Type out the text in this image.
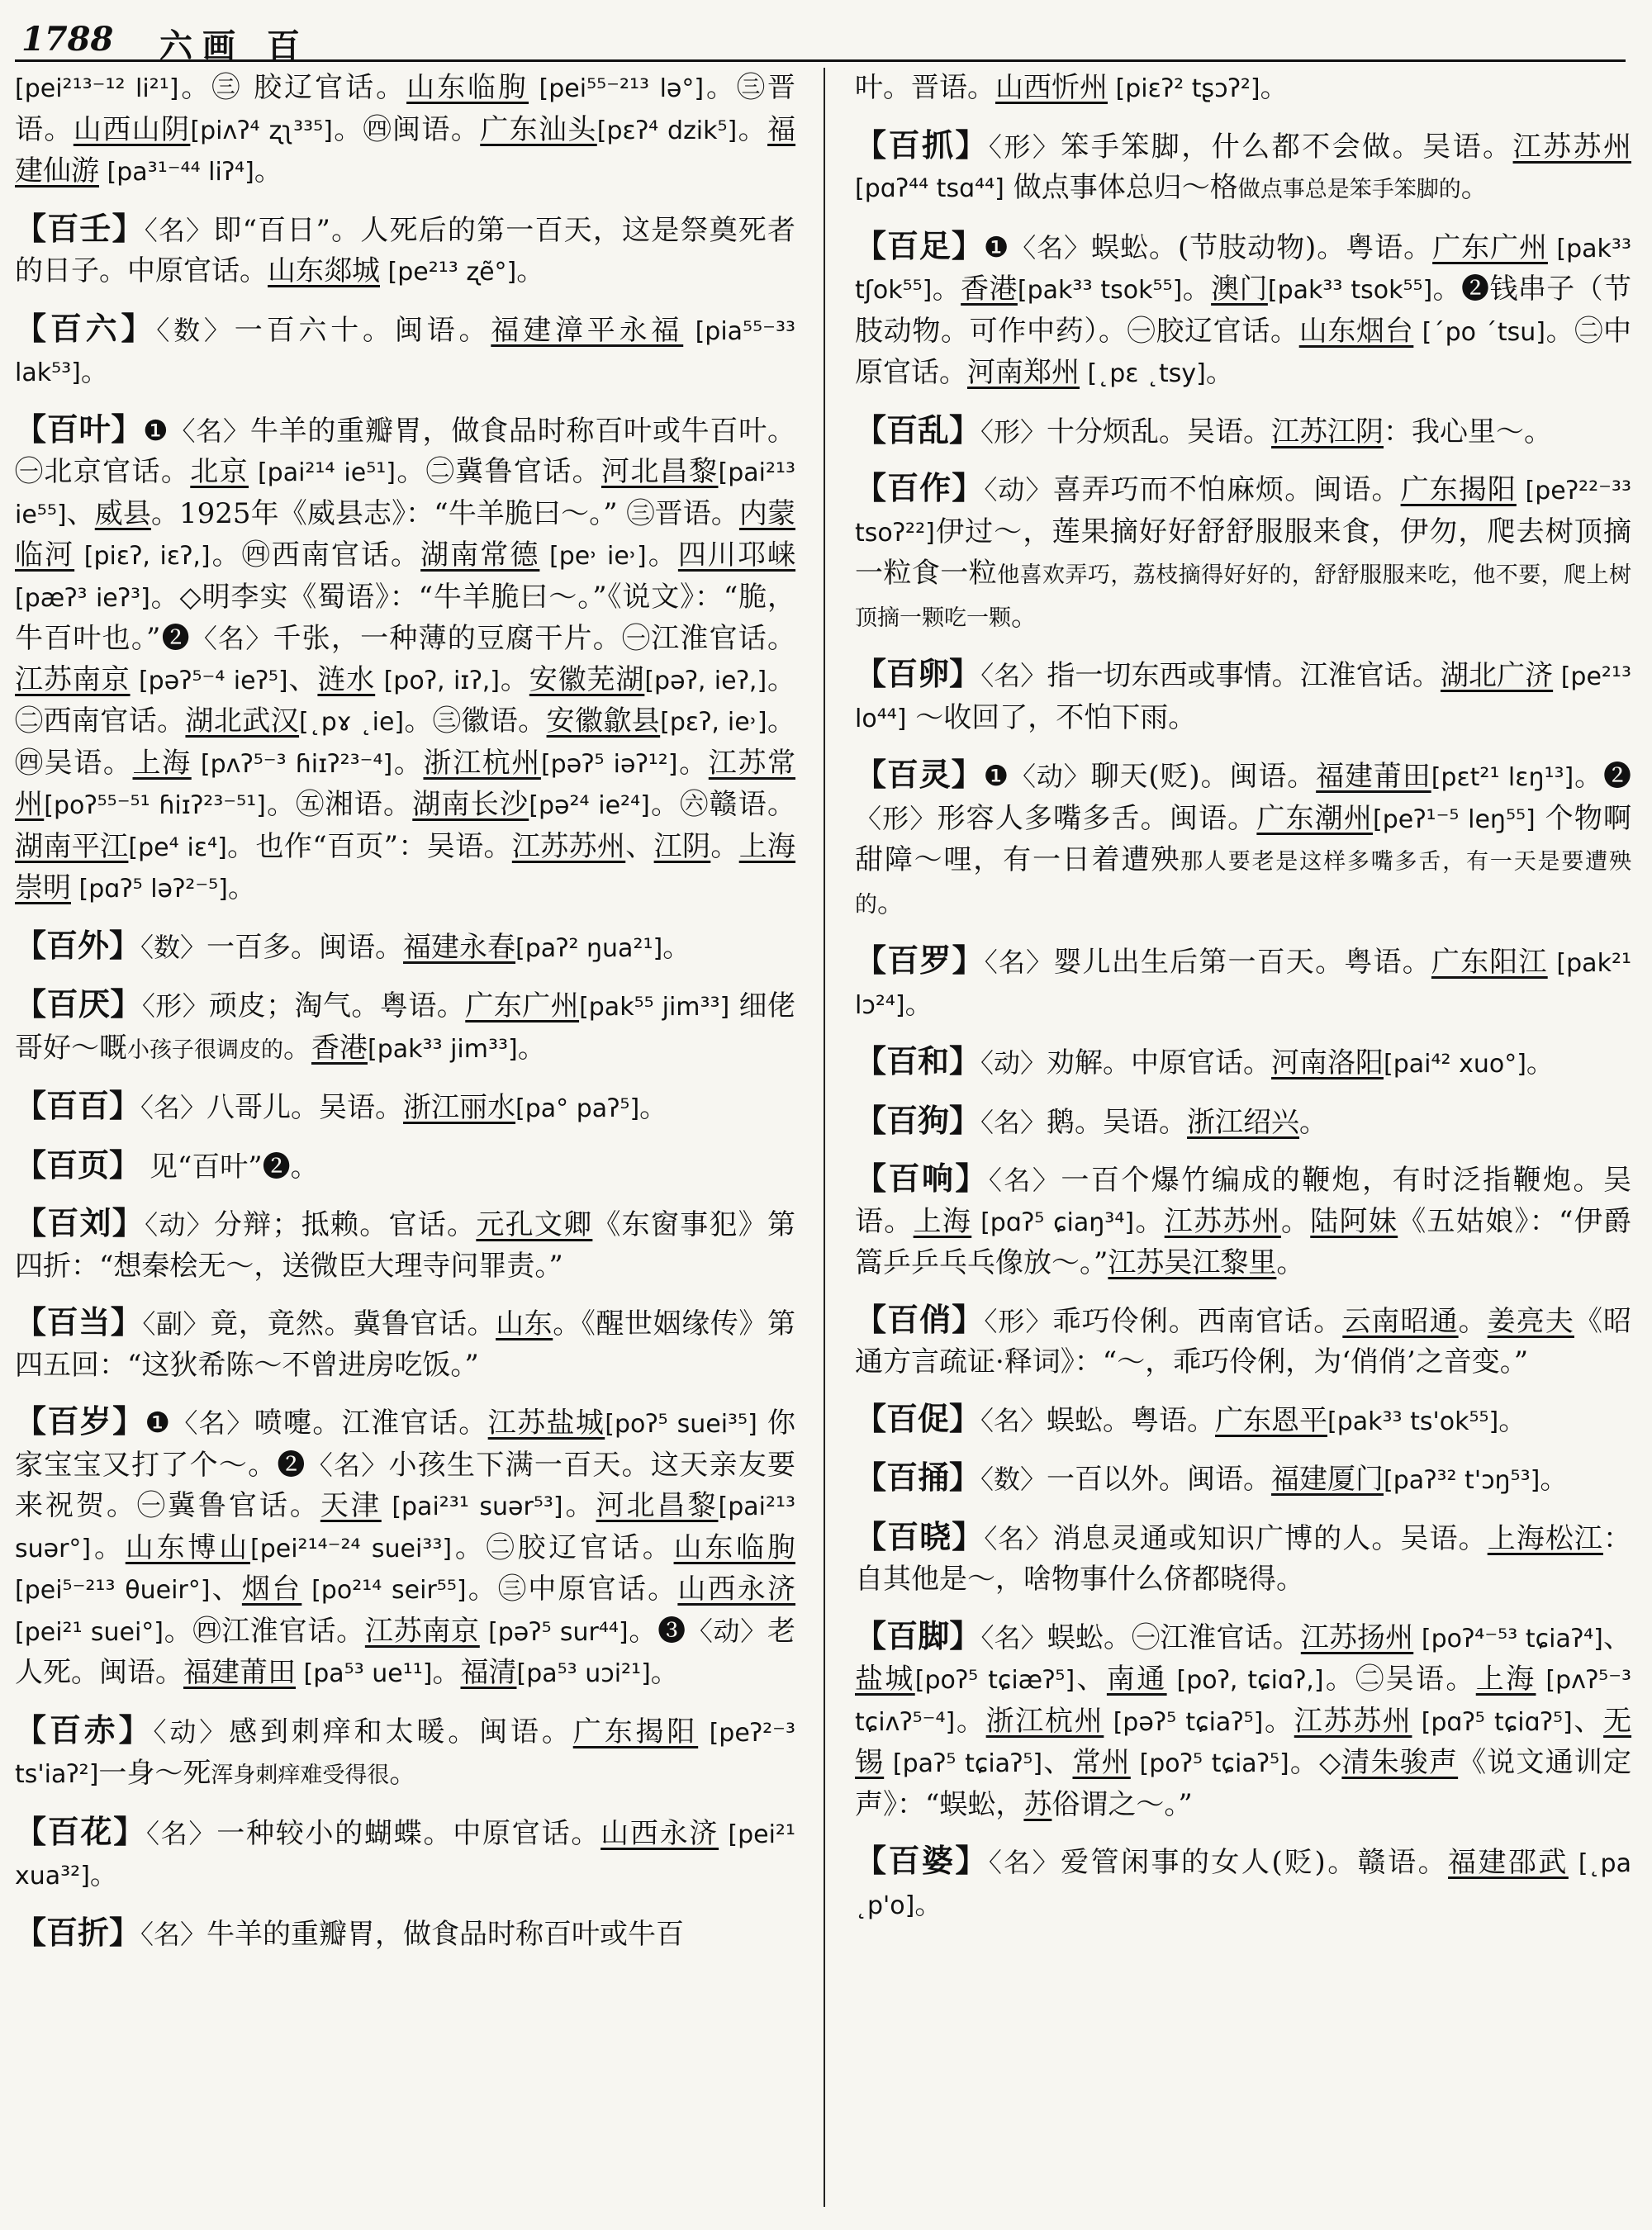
1788 六画 百
[pei²¹³⁻¹² li²¹]。㊂ 胶辽官话。山东临朐 [pei⁵⁵⁻²¹³ lə°]。㊂晋语。山西山阴[piʌʔ⁴ ʐʅ³³⁵]。㊃闽语。广东汕头[pɛʔ⁴ dzik⁵]。福建仙游 [pa³¹⁻⁴⁴ liʔ⁴]。
【百壬】〈名〉即“百日”。人死后的第一百天，这是祭奠死者的日子。中原官话。山东郯城 [pe²¹³ ʐẽ°]。
【百六】〈数〉一百六十。闽语。福建漳平永福 [pia⁵⁵⁻³³ lak⁵³]。
【百叶】❶〈名〉牛羊的重瓣胃，做食品时称百叶或牛百叶。㊀北京官话。北京 [pai²¹⁴ ie⁵¹]。㊁冀鲁官话。河北昌黎[pai²¹³ ie⁵⁵]、威县。1925年《威县志》：“牛羊脆曰～。” ㊂晋语。内蒙临河 [piɛʔ, iɛʔ,]。㊃西南官话。湖南常德 [pe˒ ie˒]。四川邛崃 [pæʔ³ ieʔ³]。◇明李实《蜀语》：“牛羊脆曰～。”《说文》：“脆，牛百叶也。”❷〈名〉千张，一种薄的豆腐干片。㊀江淮官话。江苏南京 [pəʔ⁵⁻⁴ ieʔ⁵]、涟水 [poʔ, iɪʔ,]。安徽芜湖[pəʔ, ieʔ,]。㊁西南官话。湖北武汉[˛pɤ ˛ie]。㊂徽语。安徽歙县[pɛʔ, ie˒]。㊃吴语。上海 [pʌʔ⁵⁻³ ɦiɪʔ²³⁻⁴]。浙江杭州[pəʔ⁵ iəʔ¹²]。江苏常州[poʔ⁵⁵⁻⁵¹ ɦiɪʔ²³⁻⁵¹]。㊄湘语。湖南长沙[pə²⁴ ie²⁴]。㊅赣语。湖南平江[pe⁴ iɛ⁴]。也作“百页”：吴语。江苏苏州、江阴。上海崇明 [pɑʔ⁵ ləʔ²⁻⁵]。
【百外】〈数〉一百多。闽语。福建永春[paʔ² ŋua²¹]。
【百厌】〈形〉顽皮；淘气。粤语。广东广州[pak⁵⁵ jim³³] 细佬哥好～嘅小孩子很调皮的。香港[pak³³ jim³³]。
【百百】〈名〉八哥儿。吴语。浙江丽水[pa° paʔ⁵]。
【百页】 见“百叶”❷。
【百刘】〈动〉分辩；抵赖。官话。元孔文卿《东窗事犯》第四折：“想秦桧无～，送微臣大理寺问罪责。”
【百当】〈副〉竟，竟然。冀鲁官话。山东。《醒世姻缘传》第四五回：“这狄希陈～不曾进房吃饭。”
【百岁】❶〈名〉喷嚏。江淮官话。江苏盐城[poʔ⁵ suei³⁵] 你家宝宝又打了个～。❷〈名〉小孩生下满一百天。这天亲友要来祝贺。㊀冀鲁官话。天津 [pai²³¹ suər⁵³]。河北昌黎[pai²¹³ suər°]。山东博山[pei²¹⁴⁻²⁴ suei³³]。㊁胶辽官话。山东临朐[pei⁵⁻²¹³ θueir°]、烟台 [po²¹⁴ seir⁵⁵]。㊂中原官话。山西永济 [pei²¹ suei°]。㊃江淮官话。江苏南京 [pəʔ⁵ sur⁴⁴]。❸〈动〉老人死。闽语。福建莆田 [pa⁵³ ue¹¹]。福清[pa⁵³ uɔi²¹]。
【百赤】〈动〉感到刺痒和太暖。闽语。广东揭阳 [peʔ²⁻³ ts'iaʔ²]一身～死浑身刺痒难受得很。
【百花】〈名〉一种较小的蝴蝶。中原官话。山西永济 [pei²¹ xua³²]。
【百折】〈名〉牛羊的重瓣胃，做食品时称百叶或牛百
叶。晋语。山西忻州 [piɛʔ² tʂɔʔ²]。
【百抓】〈形〉笨手笨脚，什么都不会做。吴语。江苏苏州[pɑʔ⁴⁴ tsɑ⁴⁴] 做点事体总归～格做点事总是笨手笨脚的。
【百足】❶〈名〉蜈蚣。(节肢动物)。粤语。广东广州 [pak³³ tʃok⁵⁵]。香港[pak³³ tsok⁵⁵]。澳门[pak³³ tsok⁵⁵]。❷钱串子（节肢动物。可作中药）。㊀胶辽官话。山东烟台 [ˊpo ˊtsu]。㊁中原官话。河南郑州 [˛pɛ ˛tsy]。
【百乱】〈形〉十分烦乱。吴语。江苏江阴：我心里～。
【百作】〈动〉喜弄巧而不怕麻烦。闽语。广东揭阳 [peʔ²²⁻³³ tsoʔ²²]伊过～，莲果摘好好舒舒服服来食，伊勿，爬去树顶摘一粒食一粒他喜欢弄巧，荔枝摘得好好的，舒舒服服来吃，他不要，爬上树顶摘一颗吃一颗。
【百卵】〈名〉指一切东西或事情。江淮官话。湖北广济 [pe²¹³ lo⁴⁴] ～收回了，不怕下雨。
【百灵】❶〈动〉聊天(贬)。闽语。福建莆田[pɛt²¹ lɛŋ¹³]。❷〈形〉形容人多嘴多舌。闽语。广东潮州[peʔ¹⁻⁵ leŋ⁵⁵] 个物啊甜障～哩，有一日着遭殃那人要老是这样多嘴多舌，有一天是要遭殃的。
【百罗】〈名〉婴儿出生后第一百天。粤语。广东阳江 [pak²¹ lɔ²⁴]。
【百和】〈动〉劝解。中原官话。河南洛阳[pai⁴² xuo°]。
【百狗】〈名〉鹅。吴语。浙江绍兴。
【百响】〈名〉一百个爆竹编成的鞭炮，有时泛指鞭炮。吴语。上海 [pɑʔ⁵ ɕiaŋ³⁴]。江苏苏州。陆阿妹《五姑娘》：“伊爵篙乒乒乓乓像放～。”江苏吴江黎里。
【百俏】〈形〉乖巧伶俐。西南官话。云南昭通。姜亮夫《昭通方言疏证·释词》：“～，乖巧伶俐，为‘俏俏’之音变。”
【百促】〈名〉蜈蚣。粤语。广东恩平[pak³³ ts'ok⁵⁵]。
【百捅】〈数〉一百以外。闽语。福建厦门[paʔ³² t'ɔŋ⁵³]。
【百晓】〈名〉消息灵通或知识广博的人。吴语。上海松江：自其他是～，啥物事什么侪都晓得。
【百脚】〈名〉蜈蚣。㊀江淮官话。江苏扬州 [poʔ⁴⁻⁵³ tɕiaʔ⁴]、盐城[poʔ⁵ tɕiæʔ⁵]、南通 [poʔ, tɕiɑʔ,]。㊁吴语。上海 [pʌʔ⁵⁻³ tɕiʌʔ⁵⁻⁴]。浙江杭州 [pəʔ⁵ tɕiaʔ⁵]。江苏苏州 [pɑʔ⁵ tɕiɑʔ⁵]、无锡 [paʔ⁵ tɕiaʔ⁵]、常州 [poʔ⁵ tɕiaʔ⁵]。◇清朱骏声《说文通训定声》：“蜈蚣，苏俗谓之～。”
【百婆】〈名〉爱管闲事的女人(贬)。赣语。福建邵武 [˛pa ˛p'o]。
